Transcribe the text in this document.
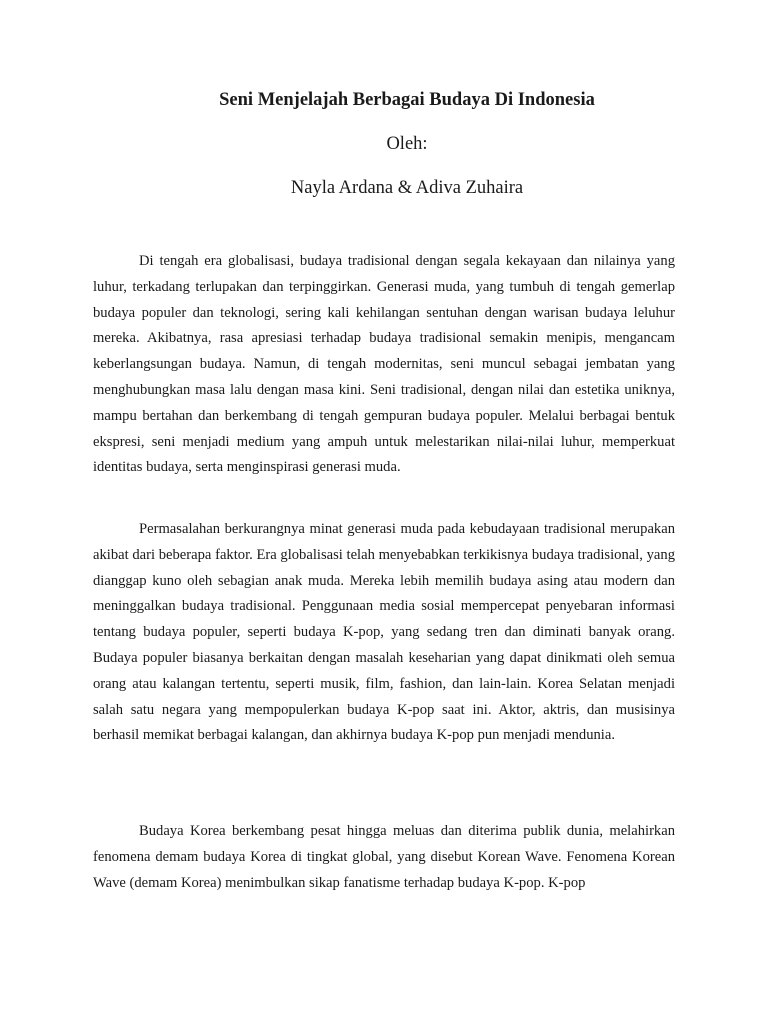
Seni Menjelajah Berbagai Budaya Di Indonesia

Oleh:

Nayla Ardana & Adiva Zuhaira

Di tengah era globalisasi, budaya tradisional dengan segala kekayaan dan nilainya yang luhur, terkadang terlupakan dan terpinggirkan. Generasi muda, yang tumbuh di tengah gemerlap budaya populer dan teknologi, sering kali kehilangan sentuhan dengan warisan budaya leluhur mereka. Akibatnya, rasa apresiasi terhadap budaya tradisional semakin menipis, mengancam keberlangsungan budaya. Namun, di tengah modernitas, seni muncul sebagai jembatan yang menghubungkan masa lalu dengan masa kini. Seni tradisional, dengan nilai dan estetika uniknya, mampu bertahan dan berkembang di tengah gempuran budaya populer. Melalui berbagai bentuk ekspresi, seni menjadi medium yang ampuh untuk melestarikan nilai-nilai luhur, memperkuat identitas budaya, serta menginspirasi generasi muda.

Permasalahan berkurangnya minat generasi muda pada kebudayaan tradisional merupakan akibat dari beberapa faktor. Era globalisasi telah menyebabkan terkikisnya budaya tradisional, yang dianggap kuno oleh sebagian anak muda. Mereka lebih memilih budaya asing atau modern dan meninggalkan budaya tradisional. Penggunaan media sosial mempercepat penyebaran informasi tentang budaya populer, seperti budaya K-pop, yang sedang tren dan diminati banyak orang. Budaya populer biasanya berkaitan dengan masalah keseharian yang dapat dinikmati oleh semua orang atau kalangan tertentu, seperti musik, film, fashion, dan lain-lain. Korea Selatan menjadi salah satu negara yang mempopulerkan budaya K-pop saat ini. Aktor, aktris, dan musisinya berhasil memikat berbagai kalangan, dan akhirnya budaya K-pop pun menjadi mendunia.

Budaya Korea berkembang pesat hingga meluas dan diterima publik dunia, melahirkan fenomena demam budaya Korea di tingkat global, yang disebut Korean Wave. Fenomena Korean Wave (demam Korea) menimbulkan sikap fanatisme terhadap budaya K-pop. K-pop
